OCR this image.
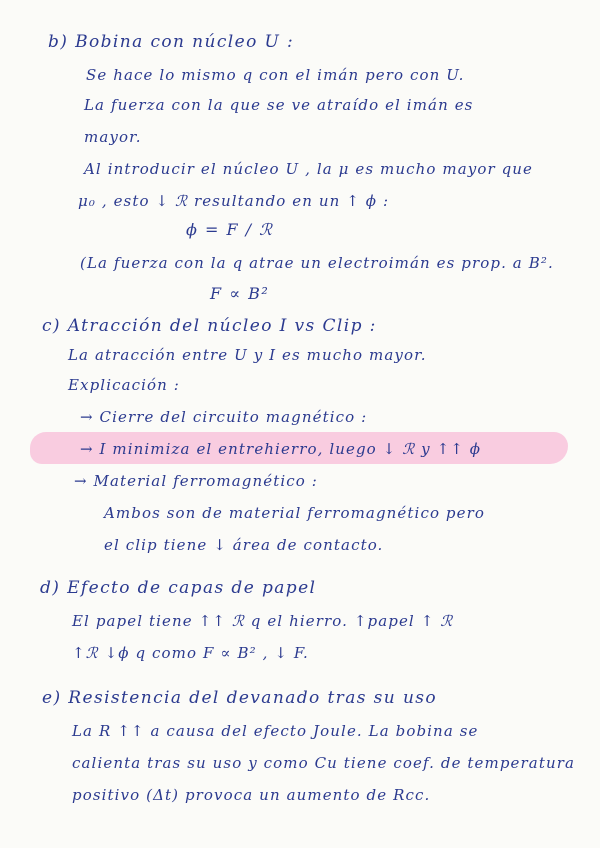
b) Bobina con núcleo U :
Se hace lo mismo q con el imán pero con U.
La fuerza con la que se ve atraído el imán es
mayor.
Al introducir el núcleo U , la μ es mucho mayor que
μ₀ , esto ↓ ℛ resultando en un ↑ ϕ :
ϕ = F / ℛ
(La fuerza con la q atrae un electroimán es prop. a B².
F ∝ B²
c) Atracción del núcleo I vs Clip :
La atracción entre U y I es mucho mayor.
Explicación :
→ Cierre del circuito magnético :
→ I minimiza el entrehierro, luego ↓ ℛ y ↑↑ ϕ
→ Material ferromagnético :
Ambos son de material ferromagnético pero
el clip tiene ↓ área de contacto.
d) Efecto de capas de papel
El papel tiene ↑↑ ℛ q el hierro. ↑papel ↑ ℛ
↑ℛ ↓ϕ q como F ∝ B² , ↓ F.
e) Resistencia del devanado tras su uso
La R ↑↑ a causa del efecto Joule. La bobina se
calienta tras su uso y como Cu tiene coef. de temperatura
positivo (Δt) provoca un aumento de Rcc.
